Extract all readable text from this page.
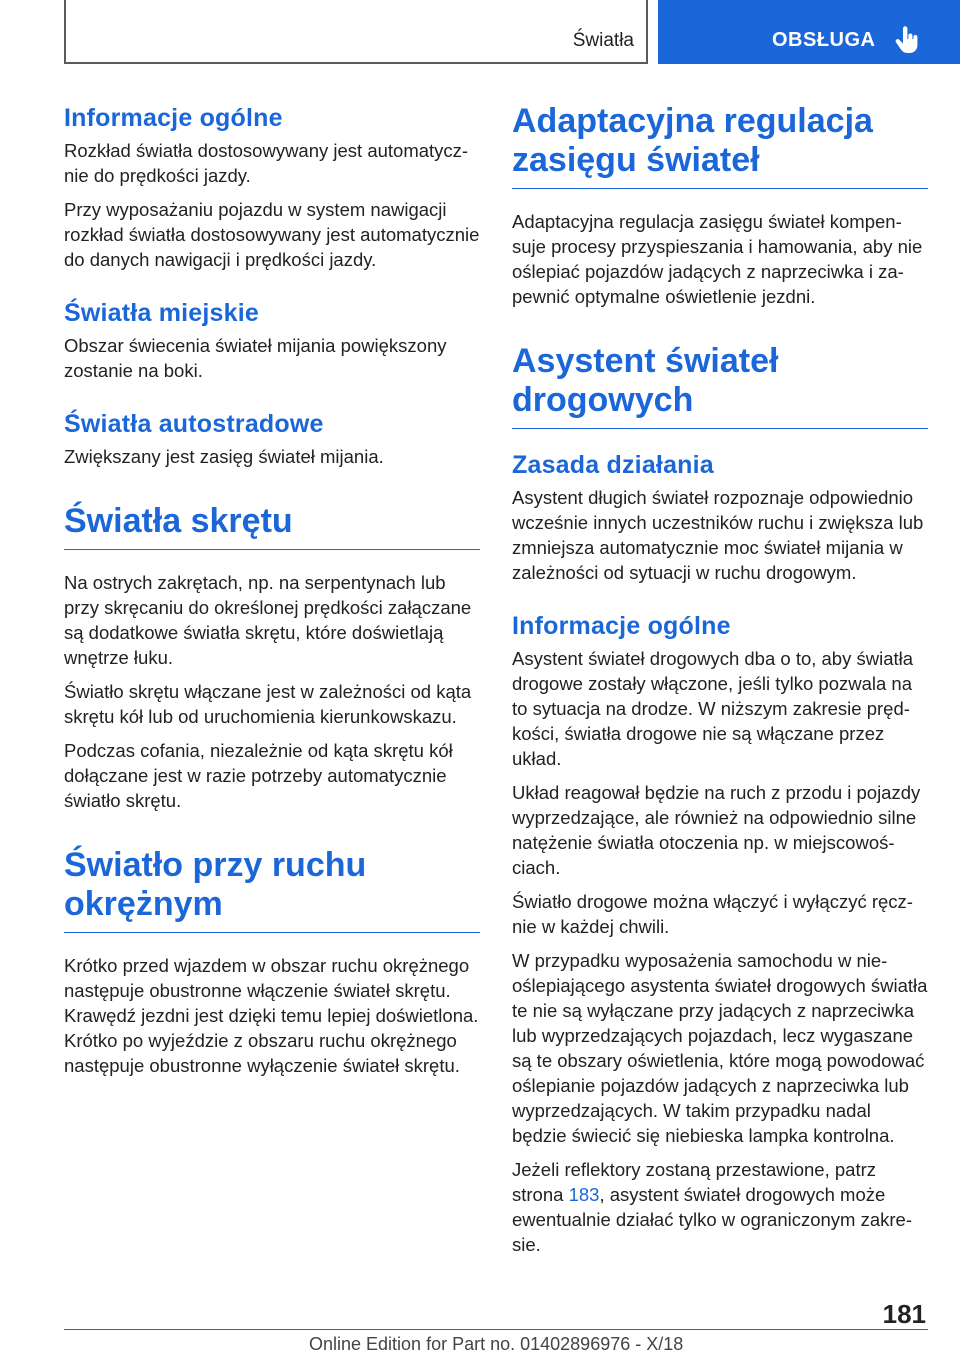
Światła	OBSŁUGA
Informacje ogólne

Rozkład światła dostosowywany jest automatycznie do prędkości jazdy.

Przy wyposażaniu pojazdu w system nawigacji rozkład światła dostosowywany jest automatycznie do danych nawigacji i prędkości jazdy.

Światła miejskie

Obszar świecenia świateł mijania powiększony zostanie na boki.

Światła autostradowe

Zwiększany jest zasięg świateł mijania.

Światła skrętu

Na ostrych zakrętach, np. na serpentynach lub przy skręcaniu do określonej prędkości załączane są dodatkowe światła skrętu, które doświetlają wnętrze łuku.

Światło skrętu włączane jest w zależności od kąta skrętu kół lub od uruchomienia kierunkowskazu.

Podczas cofania, niezależnie od kąta skrętu kół dołączane jest w razie potrzeby automatycznie światło skrętu.

Światło przy ruchu okrężnym

Krótko przed wjazdem w obszar ruchu okrężnego następuje obustronne włączenie świateł skrętu. Krawędź jezdni jest dzięki temu lepiej doświetlona. Krótko po wyjeździe z obszaru ruchu okrężnego następuje obustronne wyłączenie świateł skrętu.

Adaptacyjna regulacja zasięgu świateł

Adaptacyjna regulacja zasięgu świateł kompensuje procesy przyspieszania i hamowania, aby nie oślepiać pojazdów jadących z naprzeciwka i zapewnić optymalne oświetlenie jezdni.

Asystent świateł drogowych
Zasada działania

Asystent długich świateł rozpoznaje odpowiednio wcześnie innych uczestników ruchu i zwiększa lub zmniejsza automatycznie moc świateł mijania w zależności od sytuacji w ruchu drogowym.

Informacje ogólne

Asystent świateł drogowych dba o to, aby światła drogowe zostały włączone, jeśli tylko pozwala na to sytuacja na drodze. W niższym zakresie prędkości, światła drogowe nie są włączane przez układ.

Układ reagował będzie na ruch z przodu i pojazdy wyprzedzające, ale również na odpowiednio silne natężenie światła otoczenia np. w miejscowościach.

Światło drogowe można włączyć i wyłączyć ręcznie w każdej chwili.

W przypadku wyposażenia samochodu w nieoślepiającego asystenta świateł drogowych światła te nie są wyłączane przy jadących z naprzeciwka lub wyprzedzających pojazdach, lecz wygaszane są te obszary oświetlenia, które mogą powodować oślepianie pojazdów jadących z naprzeciwka lub wyprzedzających. W takim przypadku nadal będzie świecić się niebieska lampka kontrolna.

Jeżeli reflektory zostaną przestawione, patrz strona 183, asystent świateł drogowych może ewentualnie działać tylko w ograniczonym zakresie.

181
Online Edition for Part no. 01402896976 - X/18
